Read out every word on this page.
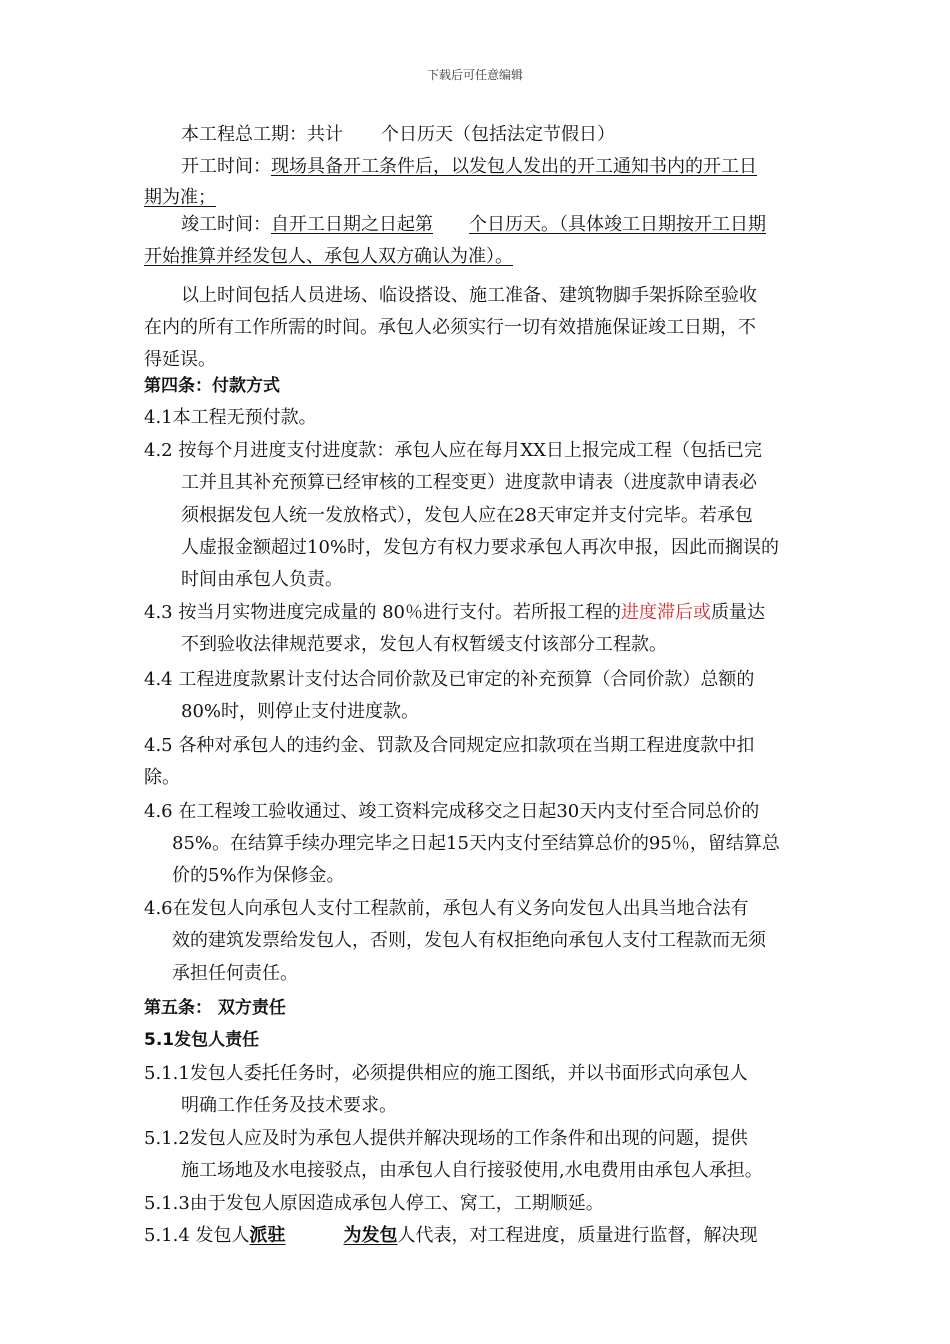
下载后可任意编辑
本工程总工期：共计 个日历天（包括法定节假日）
开工时间：现场具备开工条件后，以发包人发出的开工通知书内的开工日
期为准；
竣工时间：自开工日期之日起第 个日历天。（具体竣工日期按开工日期
开始推算并经发包人、承包人双方确认为准）。
以上时间包括人员进场、临设搭设、施工准备、建筑物脚手架拆除至验收
在内的所有工作所需的时间。承包人必须实行一切有效措施保证竣工日期，不
得延误。
第四条：付款方式
4.1本工程无预付款。
4.2 按每个月进度支付进度款：承包人应在每月XX日上报完成工程（包括已完
工并且其补充预算已经审核的工程变更）进度款申请表（进度款申请表必
须根据发包人统一发放格式），发包人应在28天审定并支付完毕。若承包
人虚报金额超过10%时，发包方有权力要求承包人再次申报，因此而搁误的
时间由承包人负责。
4.3 按当月实物进度完成量的 80％进行支付。若所报工程的进度滞后或质量达
不到验收法律规范要求，发包人有权暂缓支付该部分工程款。
4.4 工程进度款累计支付达合同价款及已审定的补充预算（合同价款）总额的
80%时，则停止支付进度款。
4.5 各种对承包人的违约金、罚款及合同规定应扣款项在当期工程进度款中扣
除。
4.6 在工程竣工验收通过、竣工资料完成移交之日起30天内支付至合同总价的
85%。在结算手续办理完毕之日起15天内支付至结算总价的95％，留结算总
价的5%作为保修金。
4.6在发包人向承包人支付工程款前，承包人有义务向发包人出具当地合法有
效的建筑发票给发包人，否则，发包人有权拒绝向承包人支付工程款而无须
承担任何责任。
第五条： 双方责任
5.1发包人责任
5.1.1发包人委托任务时，必须提供相应的施工图纸，并以书面形式向承包人
明确工作任务及技术要求。
5.1.2发包人应及时为承包人提供并解决现场的工作条件和出现的问题，提供
施工场地及水电接驳点，由承包人自行接驳使用,水电费用由承包人承担。
5.1.3由于发包人原因造成承包人停工、窝工，工期顺延。
5.1.4 发包人派驻	为发包人代表，对工程进度，质量进行监督，解决现
